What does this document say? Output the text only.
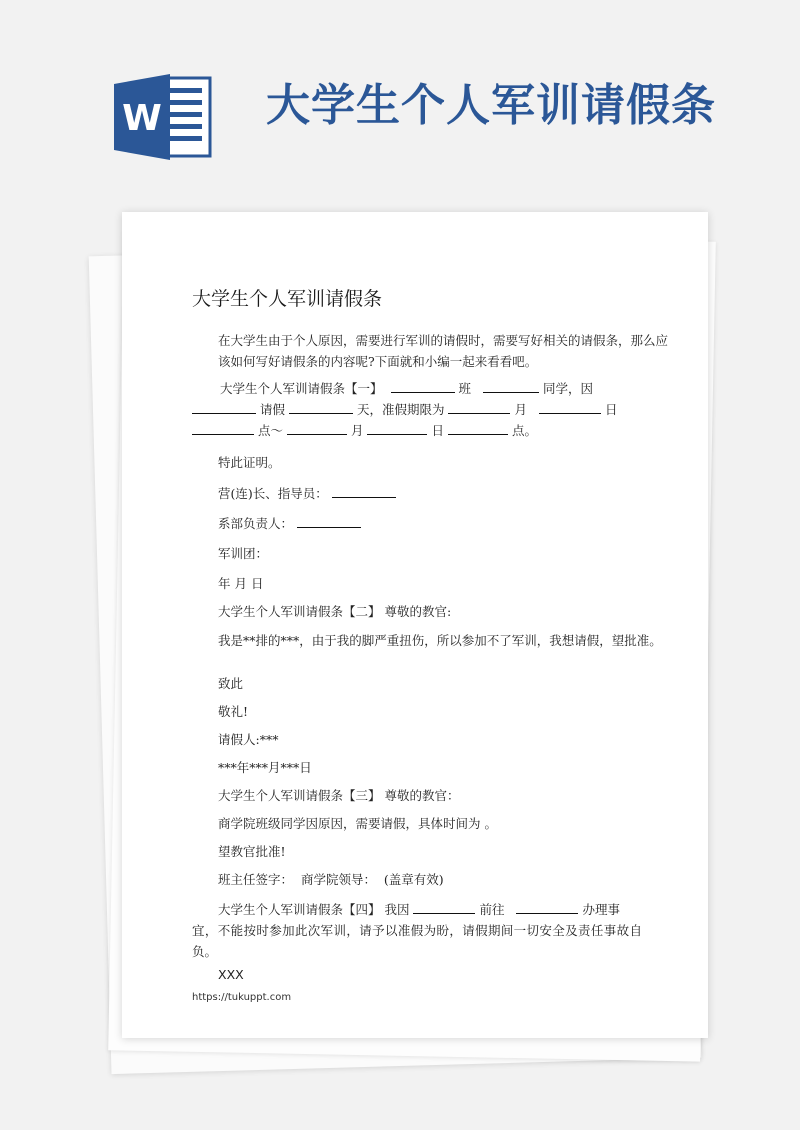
W 大学生个人军训请假条
大学生个人军训请假条
在大学生由于个人原因，需要进行军训的请假时，需要写好相关的请假条，那么应该如何写好请假条的内容呢?下面就和小编一起来看看吧。
大学生个人军训请假条【一】	班	同学，因
请假	天，准假期限为	月	日
点～	月	日	点。
特此证明。
营(连)长、指导员：
系部负责人：
军训团：
年 月 日
大学生个人军训请假条【二】 尊敬的教官:
我是**排的***，由于我的脚严重扭伤，所以参加不了军训，我想请假，望批准。
致此
敬礼!
请假人:***
***年***月***日
大学生个人军训请假条【三】 尊敬的教官：
商学院班级同学因原因，需要请假，具体时间为 。
望教官批准!
班主任签字：  商学院领导：  (盖章有效)
大学生个人军训请假条【四】 我因	前往	办理事
宜，不能按时参加此次军训，请予以准假为盼，请假期间一切安全及责任事故自负。
XXX
https://tukuppt.com
